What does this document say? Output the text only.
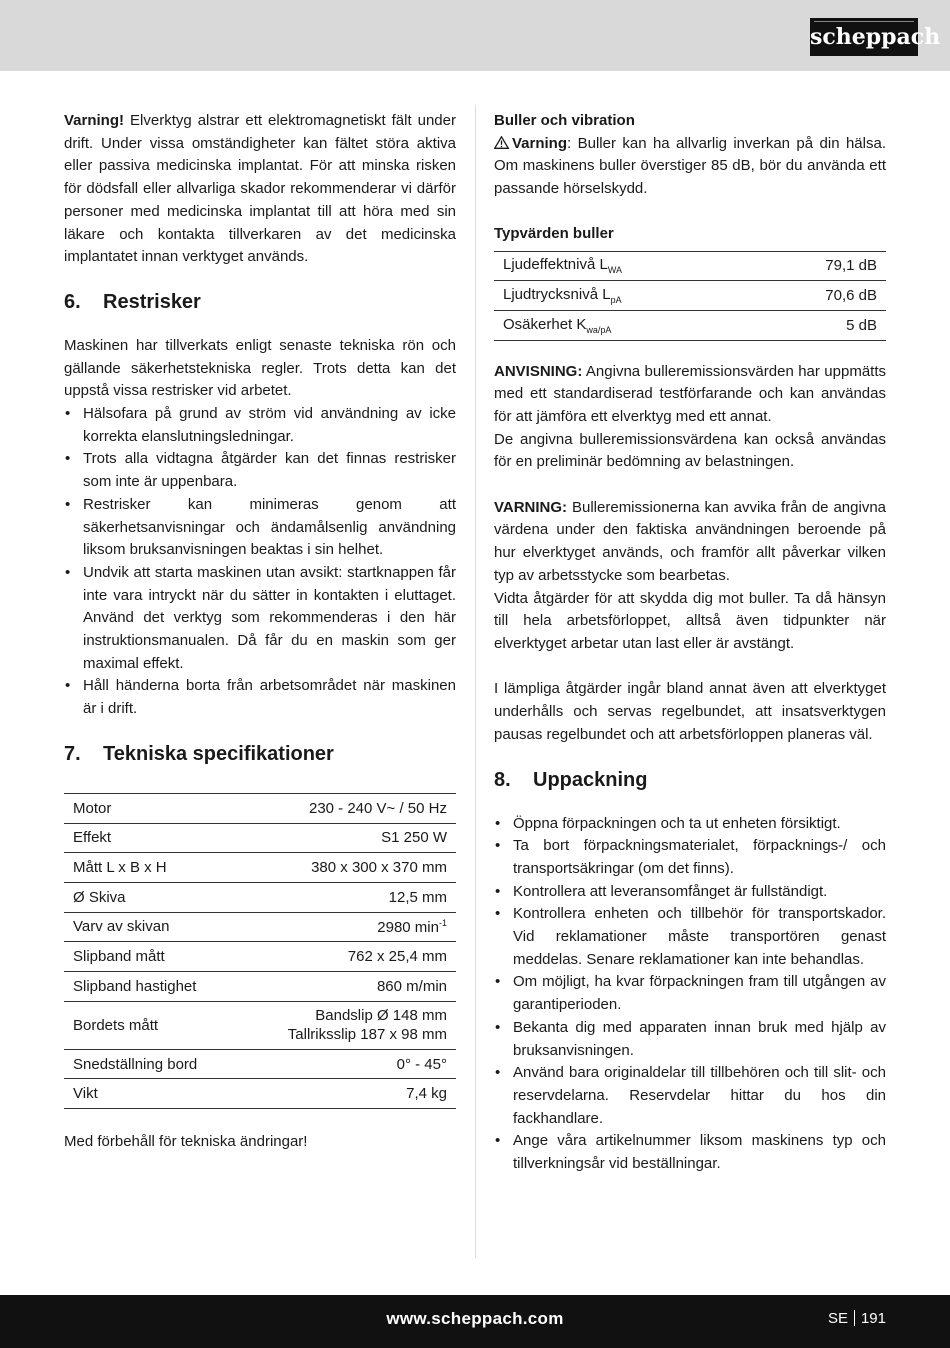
scheppach

Varning! Elverktyg alstrar ett elektromagnetiskt fält under drift. Under vissa omständigheter kan fältet störa aktiva eller passiva medicinska implantat. För att minska risken för dödsfall eller allvarliga skador rekommenderar vi därför personer med medicinska implantat till att höra med sin läkare och kontakta tillverkaren av det medicinska implantatet innan verktyget används.

6. Restrisker

Maskinen har tillverkats enligt senaste tekniska rön och gällande säkerhetstekniska regler. Trots detta kan det uppstå vissa restrisker vid arbetet.

• Hälsofara på grund av ström vid användning av icke korrekta elanslutningsledningar.
• Trots alla vidtagna åtgärder kan det finnas restrisker som inte är uppenbara.
• Restrisker kan minimeras genom att säkerhetsanvisningar och ändamålsenlig användning liksom bruksanvisningen beaktas i sin helhet.
• Undvik att starta maskinen utan avsikt: startknappen får inte vara intryckt när du sätter in kontakten i eluttaget. Använd det verktyg som rekommenderas i den här instruktionsmanualen. Då får du en maskin som ger maximal effekt.
• Håll händerna borta från arbetsområdet när maskinen är i drift.
7. Tekniska specifikationer
Motor	230 - 240 V~ / 50 Hz
Effekt	S1 250 W
Mått L x B x H	380 x 300 x 370 mm
Ø Skiva	12,5 mm
Varv av skivan	2980 $\min^{-1}$
Slipband mått	762 x 25,4 mm
Slipband hastighet	860 m/min
Bordets mått	Bandslip Ø 148 mm
Tallriksslip 187 x 98 mm

Snedställning bord	0° - 45°
Vikt	7,4 kg

Med förbehåll för tekniska ändringar!

Buller och vibration

Varning: Buller kan ha allvarlig inverkan på din hälsa. Om maskinens buller överstiger 85 dB, bör du använda ett passande hörselskydd.

Typvärden buller

Ljudeffektnivå $L_{WA}$	79,1 dB
Ljudtrycksnivå $L_{pA}$	70,6 dB
Osäkerhet $K_{wa/pA}$	5 dB

ANVISNING: Angivna bulleremissionsvärden har uppmätts med ett standardiserad testförfarande och kan användas för att jämföra ett elverktyg med ett annat.

De angivna bulleremissionsvärdena kan också användas för en preliminär bedömning av belastningen.

VARNING: Bulleremissionerna kan avvika från de angivna värdena under den faktiska användningen beroende på hur elverktyget används, och framför allt påverkar vilken typ av arbetsstycke som bearbetas.

Vidta åtgärder för att skydda dig mot buller. Ta då hänsyn till hela arbetsförloppet, alltså även tidpunkter när elverktyget arbetar utan last eller är avstängt.

I lämpliga åtgärder ingår bland annat även att elverktyget underhålls och servas regelbundet, att insatsverktygen pausas regelbundet och att arbetsförloppen planeras väl.

8. Uppackning
• Öppna förpackningen och ta ut enheten försiktigt.
• Ta bort förpackningsmaterialet, förpacknings-/ och transportsäkringar (om det finns).
• Kontrollera att leveransomfånget är fullständigt.
• Kontrollera enheten och tillbehör för transportskador. Vid reklamationer måste transportören genast meddelas. Senare reklamationer kan inte behandlas.
• Om möjligt, ha kvar förpackningen fram till utgången av garantiperioden.
• Bekanta dig med apparaten innan bruk med hjälp av bruksanvisningen.
• Använd bara originaldelar till tillbehören och till slit- och reservdelarna. Reservdelar hittar du hos din fackhandlare.
• Ange våra artikelnummer liksom maskinens typ och tillverkningsår vid beställningar.
www.scheppach.com	SE 191
